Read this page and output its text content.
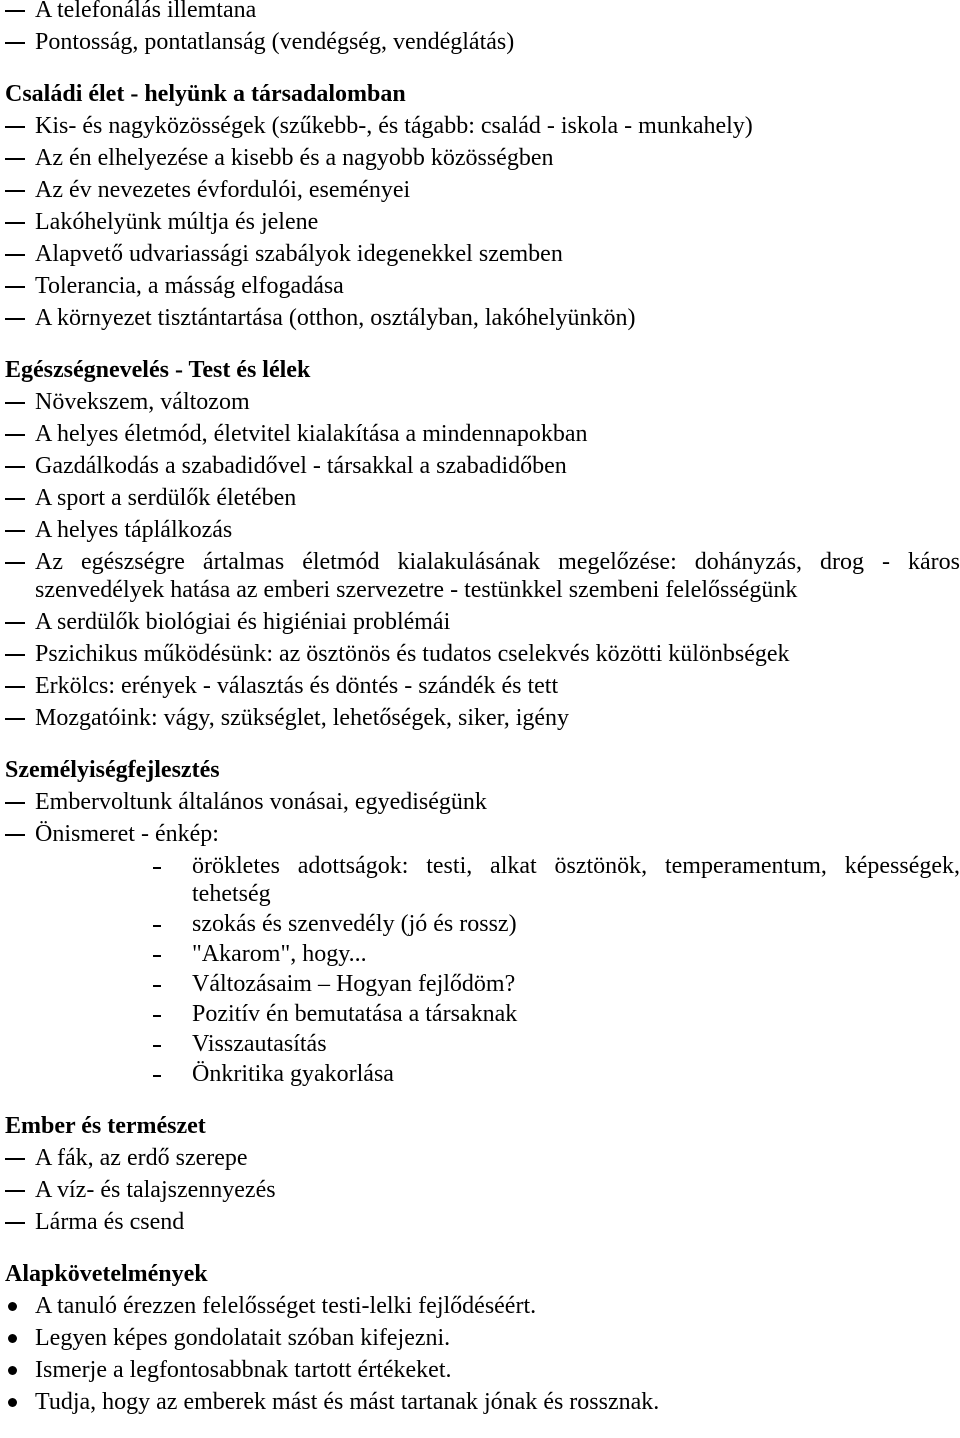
A telefonálás illemtana
Pontosság, pontatlanság (vendégség, vendéglátás)
Családi élet - helyünk a társadalomban
Kis- és nagyközösségek (szűkebb-, és tágabb: család - iskola - munkahely)
Az én elhelyezése a kisebb és a nagyobb közösségben
Az év nevezetes évfordulói, eseményei
Lakóhelyünk múltja és jelene
Alapvető udvariassági szabályok idegenekkel szemben
Tolerancia, a másság elfogadása
A környezet tisztántartása (otthon, osztályban, lakóhelyünkön)
Egészségnevelés - Test és lélek
Növekszem, változom
A helyes életmód, életvitel kialakítása a mindennapokban
Gazdálkodás a szabadidővel - társakkal a szabadidőben
A sport a serdülők életében
A helyes táplálkozás
Az egészségre ártalmas életmód kialakulásának megelőzése: dohányzás, drog - káros szenvedélyek hatása az emberi szervezetre - testünkkel szembeni felelősségünk
A serdülők biológiai és higiéniai problémái
Pszichikus működésünk: az ösztönös és tudatos cselekvés közötti különbségek
Erkölcs: erények - választás és döntés - szándék és tett
Mozgatóink: vágy, szükséglet, lehetőségek, siker, igény
Személyiségfejlesztés
Embervoltunk általános vonásai, egyediségünk
Önismeret - énkép:
örökletes adottságok: testi, alkat ösztönök, temperamentum, képességek, tehetség
szokás és szenvedély (jó és rossz)
"Akarom", hogy...
Változásaim – Hogyan fejlődöm?
Pozitív én bemutatása a társaknak
Visszautasítás
Önkritika gyakorlása
Ember és természet
A fák, az erdő szerepe
A víz- és talajszennyezés
Lárma és csend
Alapkövetelmények
A tanuló érezzen felelősséget testi-lelki fejlődéséért.
Legyen képes gondolatait szóban kifejezni.
Ismerje a legfontosabbnak tartott értékeket.
Tudja, hogy az emberek mást és mást tartanak jónak és rossznak.
